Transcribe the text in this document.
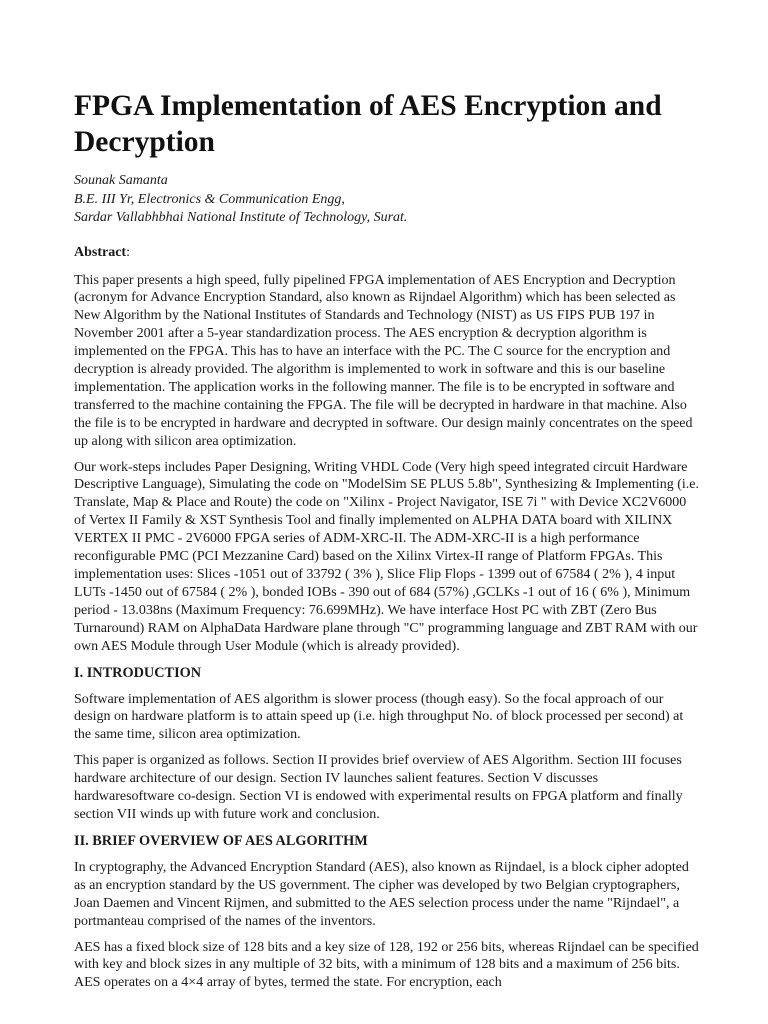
FPGA Implementation of AES Encryption and Decryption

Sounak Samanta

B.E. III Yr, Electronics & Communication Engg,

Sardar Vallabhbhai National Institute of Technology, Surat.

Abstract:

This paper presents a high speed, fully pipelined FPGA implementation of AES Encryption and Decryption (acronym for Advance Encryption Standard, also known as Rijndael Algorithm) which has been selected as New Algorithm by the National Institutes of Standards and Technology (NIST) as US FIPS PUB 197 in November 2001 after a 5-year standardization process. The AES encryption & decryption algorithm is implemented on the FPGA. This has to have an interface with the PC. The C source for the encryption and decryption is already provided. The algorithm is implemented to work in software and this is our baseline implementation. The application works in the following manner. The file is to be encrypted in software and transferred to the machine containing the FPGA. The file will be decrypted in hardware in that machine. Also the file is to be encrypted in hardware and decrypted in software. Our design mainly concentrates on the speed up along with silicon area optimization.

Our work-steps includes Paper Designing, Writing VHDL Code (Very high speed integrated circuit Hardware Descriptive Language), Simulating the code on "ModelSim SE PLUS 5.8b", Synthesizing & Implementing (i.e. Translate, Map & Place and Route) the code on "Xilinx - Project Navigator, ISE 7i " with Device XC2V6000 of Vertex II Family & XST Synthesis Tool and finally implemented on ALPHA DATA board with XILINX VERTEX II PMC - 2V6000 FPGA series of ADM-XRC-II. The ADM-XRC-II is a high performance reconfigurable PMC (PCI Mezzanine Card) based on the Xilinx Virtex-II range of Platform FPGAs. This implementation uses: Slices -1051 out of 33792 ( 3% ), Slice Flip Flops - 1399 out of 67584 ( 2% ), 4 input LUTs -1450 out of 67584 ( 2% ), bonded IOBs - 390 out of 684 (57%) ,GCLKs -1 out of 16 ( 6% ), Minimum period - 13.038ns (Maximum Frequency: 76.699MHz). We have interface Host PC with ZBT (Zero Bus Turnaround) RAM on AlphaData Hardware plane through "C" programming language and ZBT RAM with our own AES Module through User Module (which is already provided).

I. INTRODUCTION

Software implementation of AES algorithm is slower process (though easy). So the focal approach of our design on hardware platform is to attain speed up (i.e. high throughput No. of block processed per second) at the same time, silicon area optimization.

This paper is organized as follows. Section II provides brief overview of AES Algorithm. Section III focuses hardware architecture of our design. Section IV launches salient features. Section V discusses hardwaresoftware co-design. Section VI is endowed with experimental results on FPGA platform and finally section VII winds up with future work and conclusion.

II. BRIEF OVERVIEW OF AES ALGORITHM

In cryptography, the Advanced Encryption Standard (AES), also known as Rijndael, is a block cipher adopted as an encryption standard by the US government. The cipher was developed by two Belgian cryptographers, Joan Daemen and Vincent Rijmen, and submitted to the AES selection process under the name "Rijndael", a portmanteau comprised of the names of the inventors.

AES has a fixed block size of 128 bits and a key size of 128, 192 or 256 bits, whereas Rijndael can be specified with key and block sizes in any multiple of 32 bits, with a minimum of 128 bits and a maximum of 256 bits. AES operates on a 4×4 array of bytes, termed the state. For encryption, each
